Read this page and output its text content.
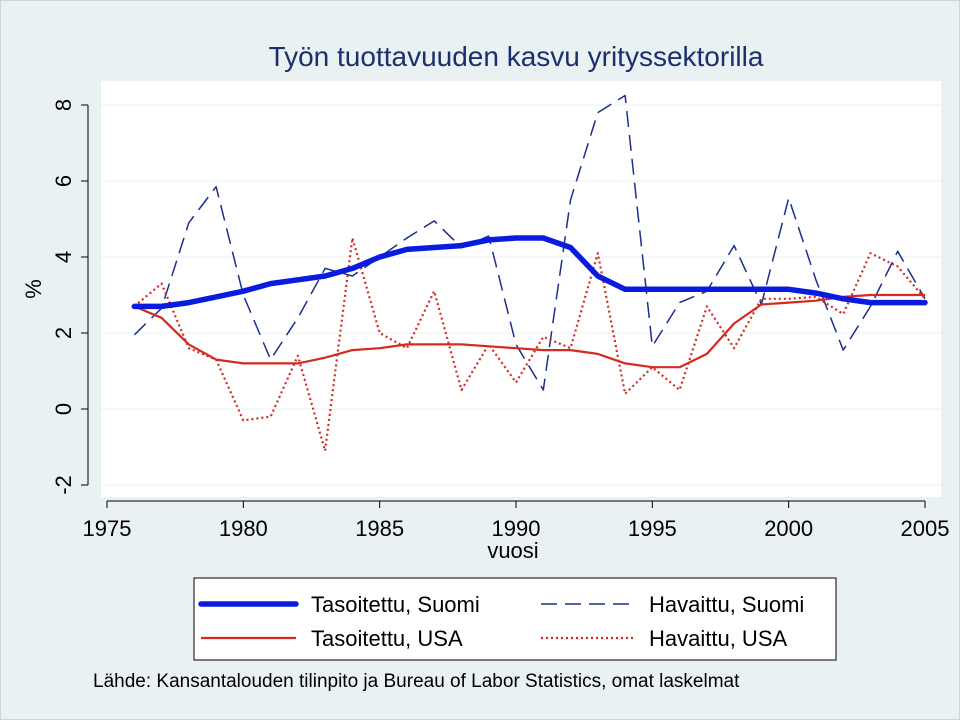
Työn tuottavuuden kasvu yrityssektorilla
-2
0
2
4
6
8
1975	1980	1985	1990	1995	2000	2005
vuosi
%
Tasoitettu, Suomi
Tasoitettu, USA
Havaittu, Suomi
Havaittu, USA
Lähde: Kansantalouden tilinpito ja Bureau of Labor Statistics, omat laskelmat
